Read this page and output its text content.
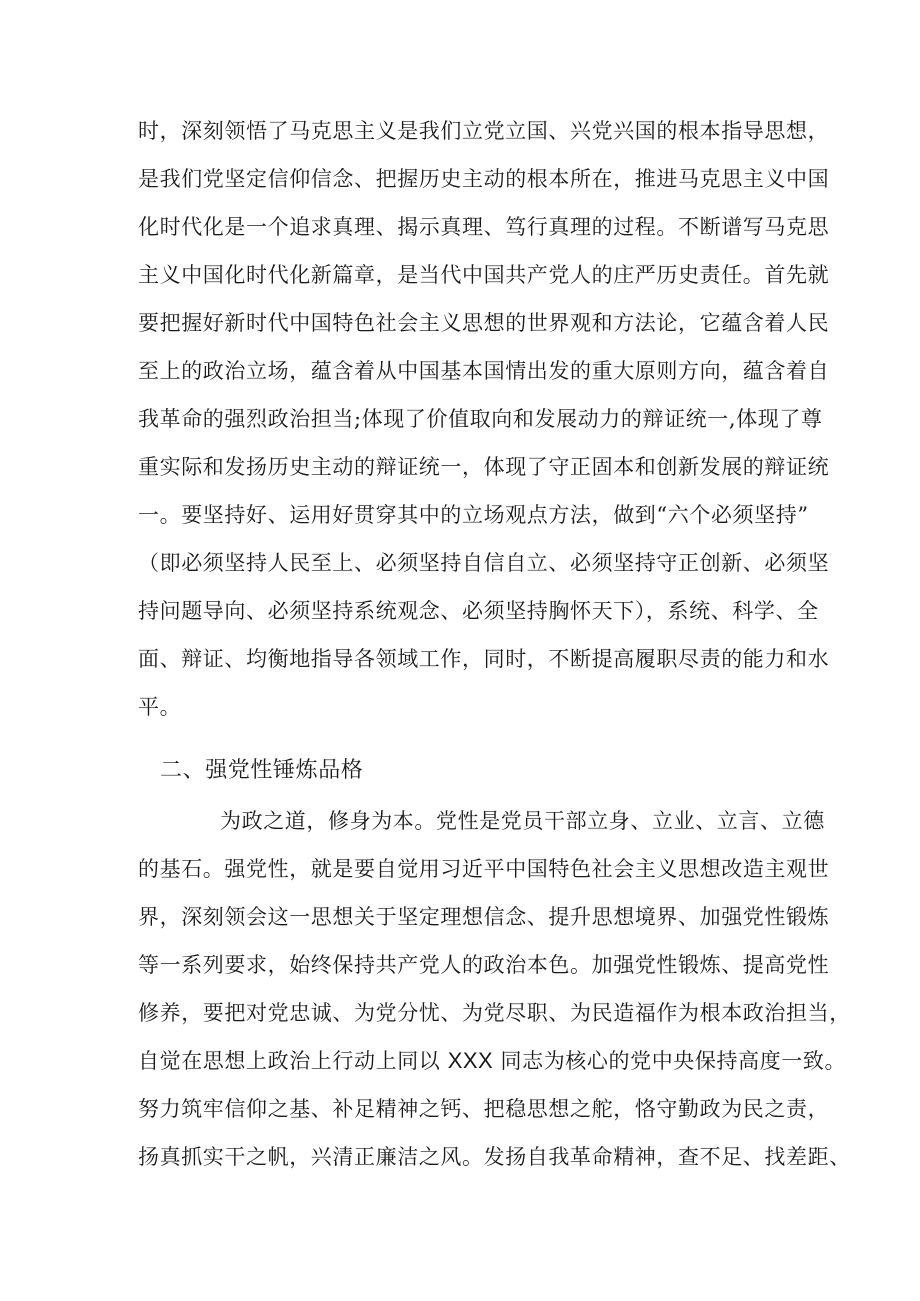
时，深刻领悟了马克思主义是我们立党立国、兴党兴国的根本指导思想，
是我们党坚定信仰信念、把握历史主动的根本所在，推进马克思主义中国
化时代化是一个追求真理、揭示真理、笃行真理的过程。不断谱写马克思
主义中国化时代化新篇章，是当代中国共产党人的庄严历史责任。首先就
要把握好新时代中国特色社会主义思想的世界观和方法论，它蕴含着人民
至上的政治立场，蕴含着从中国基本国情出发的重大原则方向，蕴含着自
我革命的强烈政治担当;体现了价值取向和发展动力的辩证统一,体现了尊
重实际和发扬历史主动的辩证统一，体现了守正固本和创新发展的辩证统
一。要坚持好、运用好贯穿其中的立场观点方法，做到“六个必须坚持”
（即必须坚持人民至上、必须坚持自信自立、必须坚持守正创新、必须坚
持问题导向、必须坚持系统观念、必须坚持胸怀天下），系统、科学、全
面、辩证、均衡地指导各领域工作，同时，不断提高履职尽责的能力和水
平。
二、强党性锤炼品格
为政之道，修身为本。党性是党员干部立身、立业、立言、立德
的基石。强党性，就是要自觉用习近平中国特色社会主义思想改造主观世
界，深刻领会这一思想关于坚定理想信念、提升思想境界、加强党性锻炼
等一系列要求，始终保持共产党人的政治本色。加强党性锻炼、提高党性
修养，要把对党忠诚、为党分忧、为党尽职、为民造福作为根本政治担当，
自觉在思想上政治上行动上同以 XXX 同志为核心的党中央保持高度一致。
努力筑牢信仰之基、补足精神之钙、把稳思想之舵，恪守勤政为民之责，
扬真抓实干之帆，兴清正廉洁之风。发扬自我革命精神，查不足、找差距、
